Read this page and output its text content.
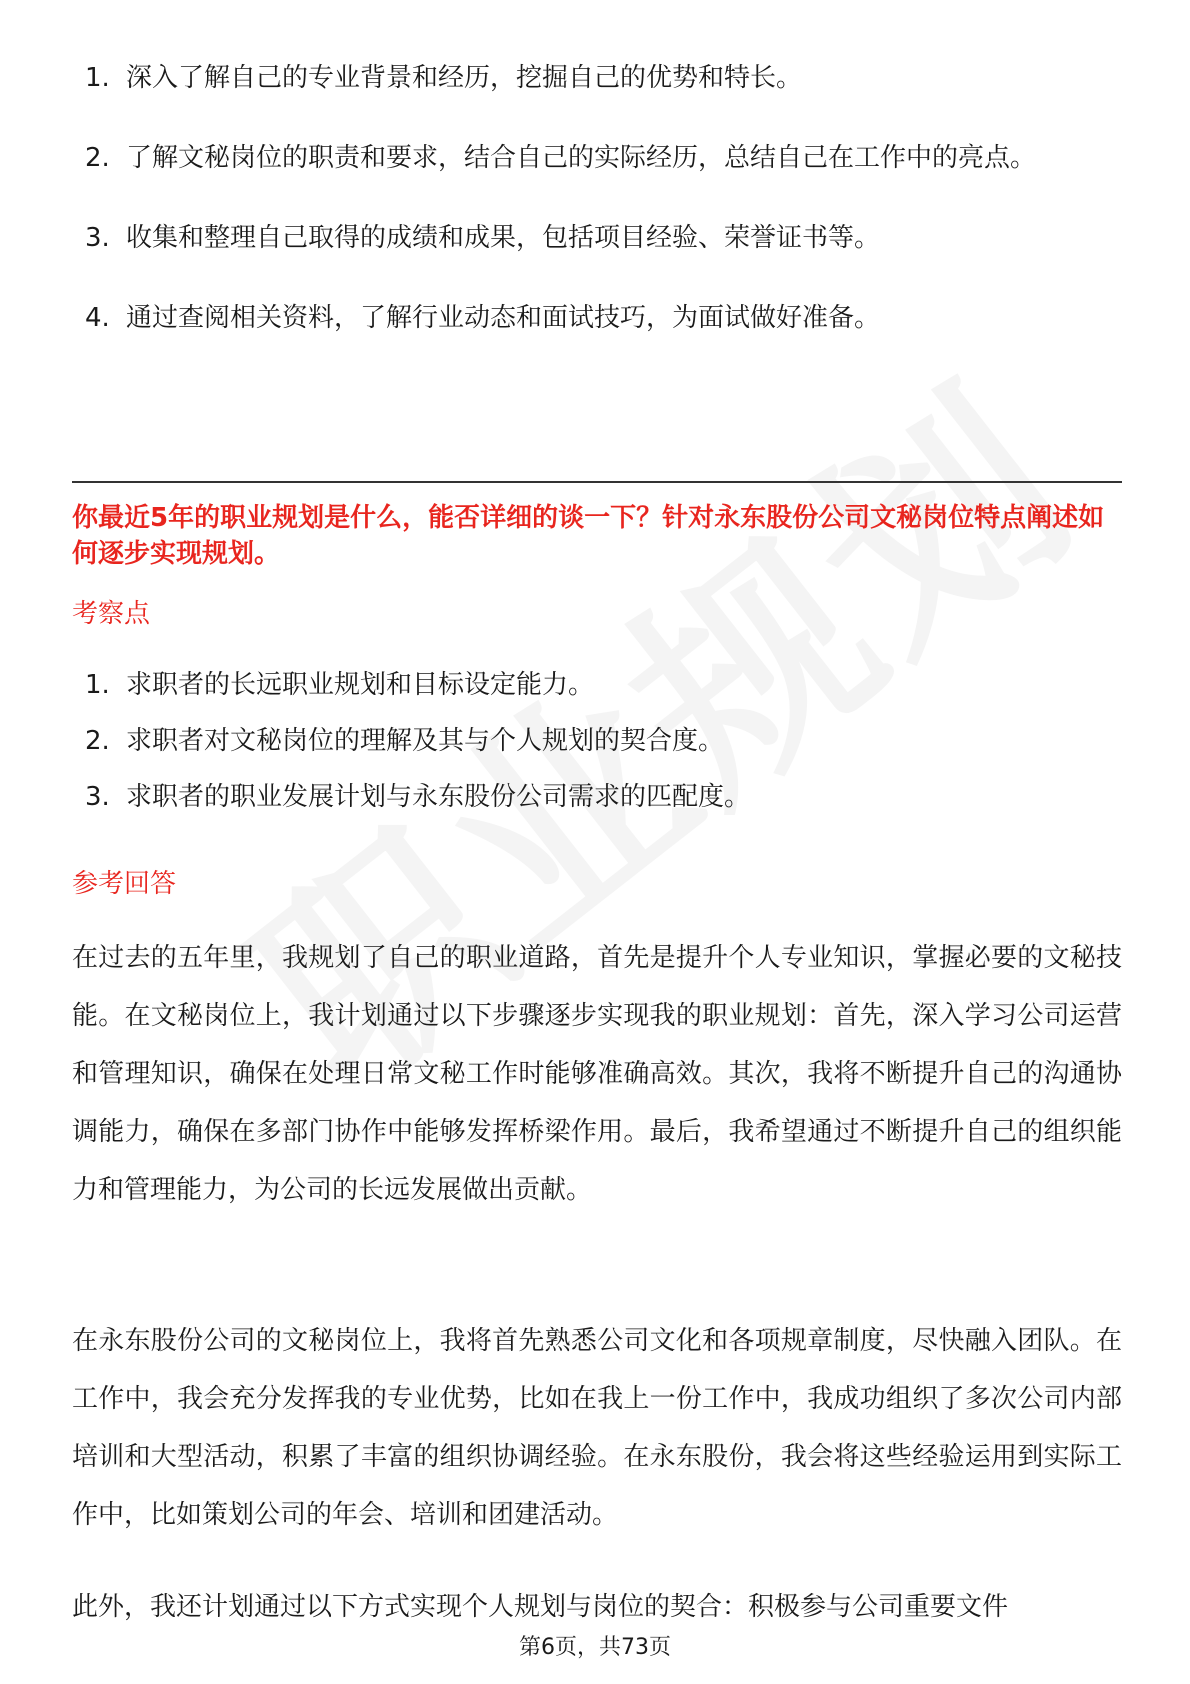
1. 深入了解自己的专业背景和经历，挖掘自己的优势和特长。
2. 了解文秘岗位的职责和要求，结合自己的实际经历，总结自己在工作中的亮点。
3. 收集和整理自己取得的成绩和成果，包括项目经验、荣誉证书等。
4. 通过查阅相关资料，了解行业动态和面试技巧，为面试做好准备。
你最近5年的职业规划是什么，能否详细的谈一下？针对永东股份公司文秘岗位特点阐述如何逐步实现规划。
考察点
1. 求职者的长远职业规划和目标设定能力。
2. 求职者对文秘岗位的理解及其与个人规划的契合度。
3. 求职者的职业发展计划与永东股份公司需求的匹配度。
参考回答

在过去的五年里，我规划了自己的职业道路，首先是提升个人专业知识，掌握必要的文秘技能。在文秘岗位上，我计划通过以下步骤逐步实现我的职业规划：首先，深入学习公司运营和管理知识，确保在处理日常文秘工作时能够准确高效。其次，我将不断提升自己的沟通协调能力，确保在多部门协作中能够发挥桥梁作用。最后，我希望通过不断提升自己的组织能力和管理能力，为公司的长远发展做出贡献。

在永东股份公司的文秘岗位上，我将首先熟悉公司文化和各项规章制度，尽快融入团队。在工作中，我会充分发挥我的专业优势，比如在我上一份工作中，我成功组织了多次公司内部培训和大型活动，积累了丰富的组织协调经验。在永东股份，我会将这些经验运用到实际工作中，比如策划公司的年会、培训和团建活动。

此外，我还计划通过以下方式实现个人规划与岗位的契合：积极参与公司重要文件

第6页，共73页
